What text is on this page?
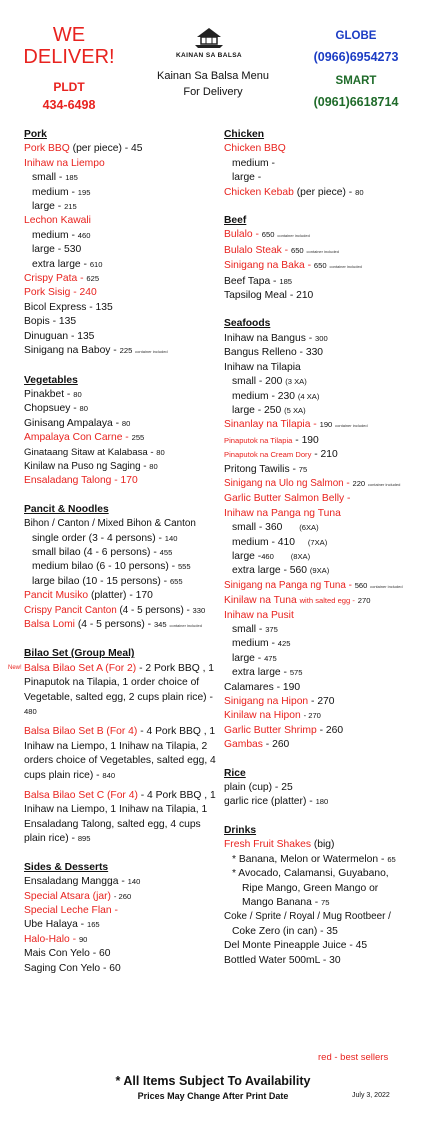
WE
DELIVER!
PLDT
434-6498
KAINAN SA BALSA
Kainan Sa Balsa Menu
For Delivery
GLOBE
(0966)6954273
SMART
(0961)6618714
Pork
Pork BBQ (per piece) - 45
Inihaw na Liempo
small - 185
medium - 195
large - 215
Lechon Kawali
medium - 460
large - 530
extra large - 610
Crispy Pata - 625
Pork Sisig - 240
Bicol Express - 135
Bopis - 135
Dinuguan - 135
Sinigang na Baboy - 225 container included
Vegetables
Pinakbet - 80
Chopsuey - 80
Ginisang Ampalaya - 80
Ampalaya Con Carne - 255
Ginataang Sitaw at Kalabasa - 80
Kinilaw na Puso ng Saging - 80
Ensaladang Talong - 170
Pancit & Noodles
Bihon / Canton / Mixed Bihon & Canton
single order (3 - 4 persons) - 140
small bilao (4 - 6 persons) - 455
medium bilao (6 - 10 persons) - 555
large bilao (10 - 15 persons) - 655
Pancit Musiko (platter) - 170
Crispy Pancit Canton (4 - 5 persons) - 330
Balsa Lomi (4 - 5 persons) - 345 container included
Bilao Set (Group Meal)
Balsa Bilao Set A (For 2) - 2 Pork BBQ , 1 Pinaputok na Tilapia, 1 order choice of Vegetable, salted egg, 2 cups plain rice) - 480
Balsa Bilao Set B (For 4) - 4 Pork BBQ , 1 Inihaw na Liempo, 1 Inihaw na Tilapia, 2 orders choice of Vegetables, salted egg, 4 cups plain rice) - 840
Balsa Bilao Set C (For 4) - 4 Pork BBQ , 1 Inihaw na Liempo, 1 Inihaw na Tilapia, 1 Ensaladang Talong, salted egg, 4 cups plain rice) - 895
Sides & Desserts
Ensaladang Mangga - 140
Special Atsara (jar) - 260
Special Leche Flan -
Ube Halaya - 165
Halo-Halo - 90
Mais Con Yelo - 60
Saging Con Yelo - 60
New!
Chicken
Chicken BBQ
medium -
large -
Chicken Kebab (per piece) - 80
Beef
Bulalo - 650 container included
Bulalo Steak - 650 container included
Sinigang na Baka - 650 container included
Beef Tapa - 185
Tapsilog Meal - 210
Seafoods
Inihaw na Bangus - 300
Bangus Relleno - 330
Inihaw na Tilapia
small - 200 (3 XA)
medium - 230 (4 XA)
large - 250 (5 XA)
Sinanlay na Tilapia - 190 container included
Pinaputok na Tilapia - 190
Pinaputok na Cream Dory - 210
Pritong Tawilis - 75
Sinigang na Ulo ng Salmon - 220 container included
Garlic Butter Salmon Belly -
Inihaw na Panga ng Tuna
small - 360 (6XA)
medium - 410 (7XA)
large -460 (8XA)
extra large - 560 (9XA)
Sinigang na Panga ng Tuna - 560 container included
Kinilaw na Tuna with salted egg - 270
Inihaw na Pusit
small - 375
medium - 425
large - 475
extra large - 575
Calamares - 190
Sinigang na Hipon - 270
Kinilaw na Hipon - 270
Garlic Butter Shrimp - 260
Gambas - 260
Rice
plain (cup) - 25
garlic rice (platter) - 180
Drinks
Fresh Fruit Shakes (big)
* Banana, Melon or Watermelon - 65
* Avocado, Calamansi, Guyabano,
Ripe Mango, Green Mango or
Mango Banana - 75
Coke / Sprite / Royal / Mug Rootbeer /
Coke Zero (in can) - 35
Del Monte Pineapple Juice - 45
Bottled Water 500mL - 30
red - best sellers
* All Items Subject To Availability
Prices May Change After Print Date	July 3, 2022
